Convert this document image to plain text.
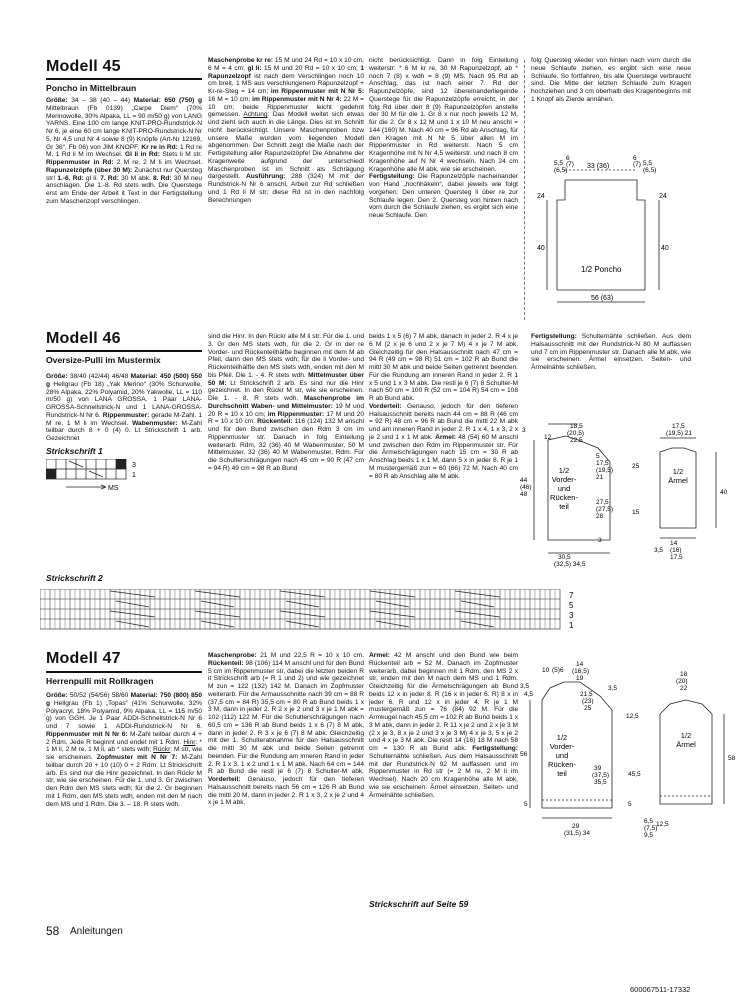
Modell 45
Poncho in Mittelbraun
Größe: 34 – 38 (40 – 44) Material: 650 (750) g Mittelbraun (Fb 0139) „Carpe Diem“ (70% Merinowolle, 30% Alpaka, LL = 90 m/50 g) von LANG YARNS. Eine 100 cm lange KNIT-PRO-Rundstrick-N Nr 6, je eine 60 cm lange KNIT-PRO-Rundstrick-N Nr 5, Nr 4,5 und Nr 4 sowie 8 (9) Knöpfe (Art-Nr 12169, Gr 36“, Fb 06) von JIM KNOPF. Kr re in Rd: 1 Rd re M, 1 Rd li M im Wechsel. Gl li in Rd: Stets li M str. Rippenmuster in Rd: 2 M re, 2 M li im Wechsel. Rapunzelzöpfe (über 30 M): Zunächst nur Quersteg str! 1.-6. Rd: gl li. 7. Rd: 30 M abk. 8. Rd: 30 M neu anschlagen. Die 1.-8. Rd stets wdh. Die Querstege erst am Ende der Arbeit it Text in der Fertigstellung zum Maschenzopf verschlingen.
Maschenprobe kr re: 15 M und 24 Rd = 10 x 10 cm, 6 M = 4 cm; gl li: 15 M und 20 Rd = 10 x 10 cm; 1 Rapunzelzopf ist nach dem Verschlingen noch 10 cm breit, 1 MS aus verschlungenem Rapunzelzopf + Kr-re-Steg = 14 cm; im Rippenmuster mit N Nr 5: 16 M = 10 cm; im Rippenmuster mit N Nr 4: 22 M = 10 cm; beide Rippenmuster leicht gedehnt gemessen. Achtung: Das Modell weitet sich etwas und zieht sich auch in die Länge. Dies ist im Schnitt nicht berücksichtigt. Unsere Maschenproben bzw unsere Maße wurden vom liegenden Modell abgenommen. Der Schnitt zeigt die Maße nach der Fertigstellung aller Rapunzelzöpfe! Die Abnahme der Kragenweite aufgrund der unterschiedl Maschenproben ist im Schnitt als Schrägung dargestellt. Ausführung: 288 (324) M mit der Rundstrick-N Nr 6 anschl, Arbeit zur Rd schließen und 1 Rd li M str; diese Rd ist in den nachfolg Berechnungen

nicht berücksichtigt. Dann in folg Einteilung weiterstr: * 6 M kr re, 30 M Rapunzelzopf, ab * noch 7 (8) x wdh = 8 (9) MS. Nach 95 Rd ab Anschlag, das ist nach einer 7. Rd der Rapunzelzöpfe, sind 12 übereinanderliegende Querstege für die Rapunzelzöpfe erreicht, in der folg Rd über den 8 (9) Rapunzelzöpfen anstelle der 30 M für die 1. Gr 8 x nur noch jeweils 12 M, für die 2. Gr 8 x 12 M und 1 x 10 M neu anschl = 144 (160) M. Nach 40 cm = 96 Rd ab Anschlag, für den Kragen mit N Nr 5 über allen M im Rippenmuster in Rd weiterstr. Nach 5 cm Kragenhöhe mit N Nr 4,5 weiterstr. und nach 8 cm Kragenhöhe auf N Nr 4 wechseln. Nach 24 cm Kragenhöhe alle M abk, wie sie erscheinen.

Fertigstellung: Die Rapunzelzöpfe nacheinander von Hand „hochhäkeln“, dabei jeweils wie folgt vorgehen: Den unteren Quersteg li über re zur Schlaufe legen. Den 2. Quersteg von hinten nach vorn durch die Schlaufe ziehen, es ergibt sich eine neue Schlaufe. Den

folg Quersteg wieder von hinten nach vorn durch die neue Schlaufe ziehen, es ergibt sich eine neue Schlaufe. So fortfahren, bis alle Querstege verbraucht sind. Die Mitte der letzten Schlaufe zum Kragen hochziehen und 3 cm oberhalb des Kragenbeginns mit 1 Knopf als Zierde annähen.

5,5
6
(7)
(6,5)
33 (36)
6
(7) 5,5
(6,5)
24	24
40	40
1/2 Poncho
56 (63)
Modell 46
Oversize-Pulli im Mustermix
Größe: 38/40 (42/44) 46/48 Material: 450 (500) 550 g Hellgrau (Fb 18) „Yak Merino“ (30% Schurwolle, 28% Alpaka, 22% Polyamid, 20% Yakwolle, LL = 110 m/50 g) von LANA GROSSA. 1 Paar LANA-GROSSA-Schnellstrick-N und 1 LANA-GROSSA-Rundstrick-N Nr 6. Rippenmuster: gerade M-Zahl. 1 M re, 1 M li im Wechsel. Wabenmuster: M-Zahl teilbar durch 8 + 0 (4) 0. Lt Strickschrift 1 arb. Gezeichnet
sind die Hinr. In den Rückr alle M li str. Für die 1. und 3. Gr den MS stets wdh, für die 2. Gr in der re Vorder- und Rückenteilhälfte beginnen mit dem M ab Pfeil, dann den MS stets wdh; für die li Vorder- und Rückenteilhälfte den MS stets wdh, enden mit den M bis Pfeil. Die 1. - 4. R stets wdh. Mittelmuster über 50 M: Lt Strickschrift 2 arb. Es sind nur die Hinr gezeichnet. In den Rückr M str, wie sie erscheinen. Die 1. - 8. R stets wdh. Maschenprobe im Durchschnitt Waben- und Mittelmuster: 19 M und 20 R = 10 x 10 cm; im Rippenmuster: 17 M und 20 R = 10 x 10 cm. Rückenteil: 116 (124) 132 M anschl und für den Bund zwischen den Rdm 3 cm im Rippenmuster str. Danach in folg Einteilung weiterarb: Rdm, 32 (36) 40 M Wabenmuster, 50 M Mittelmuster, 32 (36) 40 M Wabenmuster, Rdm. Für die Schulterschrägungen nach 45 cm = 90 R (47 cm = 94 R) 49 cm = 98 R ab Bund

beids 1 x 5 (6) 7 M abk, danach in jeder 2. R 4 x je 6 M (2 x je 6 und 2 x je 7 M) 4 x je 7 M abk. Gleichzeitig für den Halsausschnitt nach 47 cm = 94 R (49 cm = 98 R) 51 cm = 102 R ab Bund die mittl 30 M abk und beide Seiten getrennt beenden. Für die Rundung am inneren Rand in jeder 2. R 1 x 5 und 1 x 3 M abk. Die restl je 6 (7) 8 Schulter-M nach 50 cm = 100 R (52 cm = 104 R) 54 cm = 108 R ab Bund abk.

Vorderteil: Genauso, jedoch für den tieferen Halsausschnitt bereits nach 44 cm = 88 R (46 cm = 92 R) 48 cm = 96 R ab Bund die mittl 22 M abk und am inneren Rand in jeder 2. R 1 x 4, 1 x 3, 2 x je 2 und 1 x 1 M abk. Ärmel: 48 (54) 60 M anschl und zwischen den Rdm im Rippenmuster str. Für die Ärmelschrägungen nach 15 cm = 30 R ab Anschlag beids 1 x 1 M, dann 5 x in jeder 8. R je 1 M mustergemäß zun = 60 (66) 72 M. Nach 40 cm = 80 R ab Anschlag alle M abk.
Fertigstellung: Schulternähte schließen. Aus dem Halsausschnitt mit der Rundstrick-N 80 M auffassen und 7 cm im Rippenmuster str. Danach alle M abk, wie sie erscheinen. Ärmel einsetzen. Seiten- und Ärmelnähte schließen.
Strickschrift 1
3
1
MS
Strickschrift 2
7
5
3
1
18,5
(20,5)
22,5
12
5
17,5
(19,5)
21
27,5
(27,5)
28
44
(46)
48
3
3
1/2 Vorder-und Rücken-teil
30,5
(32,5) 34,5
17,5
(19,5) 21
25
15
40
1/2 Ärmel
14
(16)
17,5
3,5
Modell 47
Herrenpulli mit Rollkragen
Größe: 50/52 (54/56) 58/60 Material: 750 (800) 850 g Hellgrau (Fb 1) „Topas“ (41% Schurwolle, 32% Polyacryl, 18% Polyamid, 9% Alpaka, LL = 115 m/50 g) von GGH. Je 1 Paar ADDI-Schnellstrick-N Nr 6 und 7 sowie 1 ADDI-Rundstrick-N Nr 6. Rippenmuster mit N Nr 6: M-Zahl teilbar durch 4 + 2 Rdm. Jede R beginnt und endet mit 1 Rdm. Hinr: * 1 M li, 2 M re, 1 M li, ab * stets wdh; Rückr: M str, wie sie erscheinen. Zopfmuster mit N Nr 7: M-Zahl teilbar durch 20 + 10 (10) 0 + 2 Rdm. Lt Strickschrift arb. Es sind nur die Hinr gezeichnet. In den Rückr M str, wie sie erscheinen. Für die 1. und 3. Gr zwischen den Rdm den MS stets wdh; für die 2. Gr beginnen mit 1 Rdm, den MS stets wdh, enden mit den M nach dem MS und 1 Rdm. Die 3. – 18. R stets wdh.
Maschenprobe: 21 M und 22,5 R = 10 x 10 cm. Rückenteil: 98 (106) 114 M anschl und für den Bund 5 cm im Rippenmuster str, dabei die letzten beiden R it Strickschrift arb (= R 1 und 2) und wie gezeichnet M zun = 122 (132) 142 M. Danach im Zopfmuster weiterarb. Für die Armausschnitte nach 39 cm = 88 R (37,5 cm = 84 R) 35,5 cm = 80 R ab Bund beids 1 x 3 M, dann in jeder 2. R 2 x je 2 und 3 x je 1 M abk = 102 (112) 122 M. Für die Schulterschrägungen nach 60,5 cm = 136 R ab Bund beids 1 x 6 (7) 8 M abk, dann in jeder 2. R 3 x je 6 (7) 8 M abk. Gleichzeitig mit der 1. Schulterabnahme für den Halsausschnitt die mittl 30 M abk und beide Seiten getrennt beenden. Für die Rundung am inneren Rand in jeder 2. R 1 x 3, 1 x 2 und 1 x 1 M abk. Nach 64 cm = 144 R ab Bund die restl je 6 (7) 8 Schulter-M abk. Vorderteil: Genauso, jedoch für den tieferen Halsausschnitt bereits nach 56 cm = 126 R ab Bund die mittl 20 M, dann in jeder 2. R 1 x 3, 2 x je 2 und 4 x je 1 M abk.
Ärmel: 42 M anschl und den Bund wie beim Rückenteil arb = 52 M. Danach im Zopfmuster weiterarb, dabei beginnen mit 1 Rdm, den MS 2 x str, enden mit den M nach dem MS und 1 Rdm. Gleichzeitig für die Ärmelschrägungen ab Bund beids 12 x in jeder 8. R (16 x in jeder 6. R) 8 x in jeder 6. R und 12 x in jeder 4. R je 1 M mustergemäß zun = 76 (84) 92 M. Für die Armkugel nach 45,5 cm = 102 R ab Bund beids 1 x 3 M abk, dann in jeder 2. R 11 x je 2 und 2 x je 3 M (2 x je 3, 8 x je 2 und 3 x je 3 M) 4 x je 3, 5 x je 2 und 4 x je 3 M abk. Die restl 14 (16) 18 M nach 58 cm = 130 R ab Bund abk. Fertigstellung: Schulternähte schließen. Aus dem Halsausschnitt mit der Rundstrick-N 92 M auffassen und im Rippenmuster in Rd str (= 2 M re, 2 M li im Wechsel). Nach 20 cm Kragenhöhe alle M abk, wie sie erscheinen. Ärmel einsetzen. Seiten- und Ärmelnähte schließen.
Strickschrift auf Seite 59
14
(16,5)
19
10 (5) 6
3,5
4,5
3,5
21,5
(23)
25
56
12,5
1/2 Vorder-und Rücken-teil
39
(37,5)
35,5
45,5
5	5
29
(31,5) 34
18
(20)
22
58
1/2 Ärmel
6,5
(7,5)
9,5
12,5
58 Anleitungen
600067511-17332
